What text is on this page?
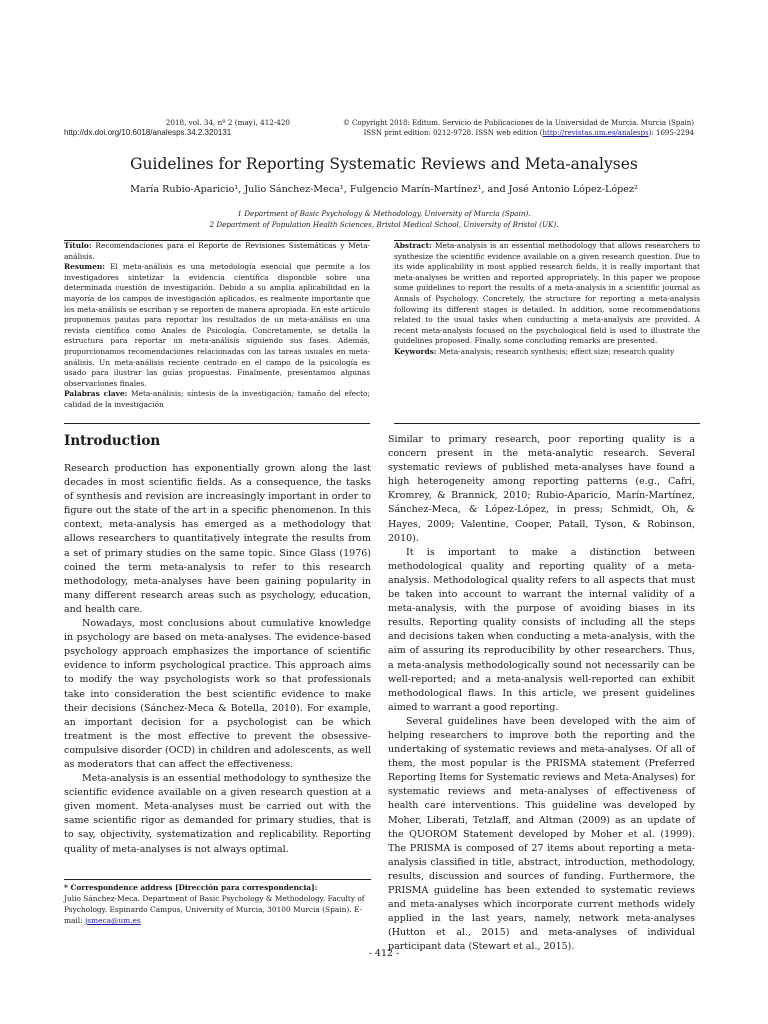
2018, vol. 34, nº 2 (may), 412-420
http://dx.doi.org/10.6018/analesps.34.2.320131
© Copyright 2018: Editum. Servicio de Publicaciones de la Universidad de Murcia. Murcia (Spain)
ISSN print edition: 0212-9728. ISSN web edition (http://revistas.um.es/analesps): 1695-2294
Guidelines for Reporting Systematic Reviews and Meta-analyses
María Rubio-Aparicio¹, Julio Sánchez-Meca¹, Fulgencio Marín-Martínez¹, and José Antonio López-López²
1 Department of Basic Psychology & Methodology, University of Murcia (Spain).
2 Department of Population Health Sciences, Bristol Medical School, University of Bristol (UK).

Título: Recomendaciones para el Reporte de Revisiones Sistemáticas y Meta-análisis.

Resumen: El meta-análisis es una metodología esencial que permite a los investigadores sintetizar la evidencia científica disponible sobre una determinada cuestión de investigación. Debido a su amplia aplicabilidad en la mayoría de los campos de investigación aplicados, es realmente importante que los meta-análisis se escriban y se reporten de manera apropiada. En este artículo proponemos pautas para reportar los resultados de un meta-análisis en una revista científica como Anales de Psicología. Concretamente, se detalla la estructura para reportar un meta-análisis siguiendo sus fases. Además, proporcionamos recomendaciones relacionadas con las tareas usuales en meta-análisis. Un meta-análisis reciente centrado en el campo de la psicología es usado para ilustrar las guías propuestas. Finalmente, presentamos algunas observaciones finales.

Palabras clave: Meta-análisis; síntesis de la investigación; tamaño del efecto; calidad de la investigación

Abstract: Meta-analysis is an essential methodology that allows researchers to synthesize the scientific evidence available on a given research question. Due to its wide applicability in most applied research fields, it is really important that meta-analyses be written and reported appropriately. In this paper we propose some guidelines to report the results of a meta-analysis in a scientific journal as Annals of Psychology. Concretely, the structure for reporting a meta-analysis following its different stages is detailed. In addition, some recommendations related to the usual tasks when conducting a meta-analysis are provided. A recent meta-analysis focused on the psychological field is used to illustrate the guidelines proposed. Finally, some concluding remarks are presented.

Keywords: Meta-analysis; research synthesis; effect size; research quality

Introduction

Research production has exponentially grown along the last decades in most scientific fields. As a consequence, the tasks of synthesis and revision are increasingly important in order to figure out the state of the art in a specific phenomenon. In this context, meta-analysis has emerged as a methodology that allows researchers to quantitatively integrate the results from a set of primary studies on the same topic. Since Glass (1976) coined the term meta-analysis to refer to this research methodology, meta-analyses have been gaining popularity in many different research areas such as psychology, education, and health care.

Nowadays, most conclusions about cumulative knowledge in psychology are based on meta-analyses. The evidence-based psychology approach emphasizes the importance of scientific evidence to inform psychological practice. This approach aims to modify the way psychologists work so that professionals take into consideration the best scientific evidence to make their decisions (Sánchez-Meca & Botella, 2010). For example, an important decision for a psychologist can be which treatment is the most effective to prevent the obsessive-compulsive disorder (OCD) in children and adolescents, as well as moderators that can affect the effectiveness.

Meta-analysis is an essential methodology to synthesize the scientific evidence available on a given research question at a given moment. Meta-analyses must be carried out with the same scientific rigor as demanded for primary studies, that is to say, objectivity, systematization and replicability. Reporting quality of meta-analyses is not always optimal.

Similar to primary research, poor reporting quality is a concern present in the meta-analytic research. Several systematic reviews of published meta-analyses have found a high heterogeneity among reporting patterns (e.g., Cafri, Kromrey, & Brannick, 2010; Rubio-Aparicio, Marín-Martínez, Sánchez-Meca, & López-López, in press; Schmidt, Oh, & Hayes, 2009; Valentine, Cooper, Patall, Tyson, & Robinson, 2010).

It is important to make a distinction between methodological quality and reporting quality of a meta-analysis. Methodological quality refers to all aspects that must be taken into account to warrant the internal validity of a meta-analysis, with the purpose of avoiding biases in its results. Reporting quality consists of including all the steps and decisions taken when conducting a meta-analysis, with the aim of assuring its reproducibility by other researchers. Thus, a meta-analysis methodologically sound not necessarily can be well-reported; and a meta-analysis well-reported can exhibit methodological flaws. In this article, we present guidelines aimed to warrant a good reporting.

Several guidelines have been developed with the aim of helping researchers to improve both the reporting and the undertaking of systematic reviews and meta-analyses. Of all of them, the most popular is the PRISMA statement (Preferred Reporting Items for Systematic reviews and Meta-Analyses) for systematic reviews and meta-analyses of effectiveness of health care interventions. This guideline was developed by Moher, Liberati, Tetzlaff, and Altman (2009) as an update of the QUOROM Statement developed by Moher et al. (1999). The PRISMA is composed of 27 items about reporting a meta-analysis classified in title, abstract, introduction, methodology, results, discussion and sources of funding. Furthermore, the PRISMA guideline has been extended to systematic reviews and meta-analyses which incorporate current methods widely applied in the last years, namely, network meta-analyses (Hutton et al., 2015) and meta-analyses of individual participant data (Stewart et al., 2015).

* Correspondence address [Dirección para correspondencia]:
Julio Sánchez-Meca. Department of Basic Psychology & Methodology. Faculty of Psychology. Espinardo Campus, University of Murcia, 30100 Murcia (Spain). E-mail: jsmeca@um.es
- 412 -
